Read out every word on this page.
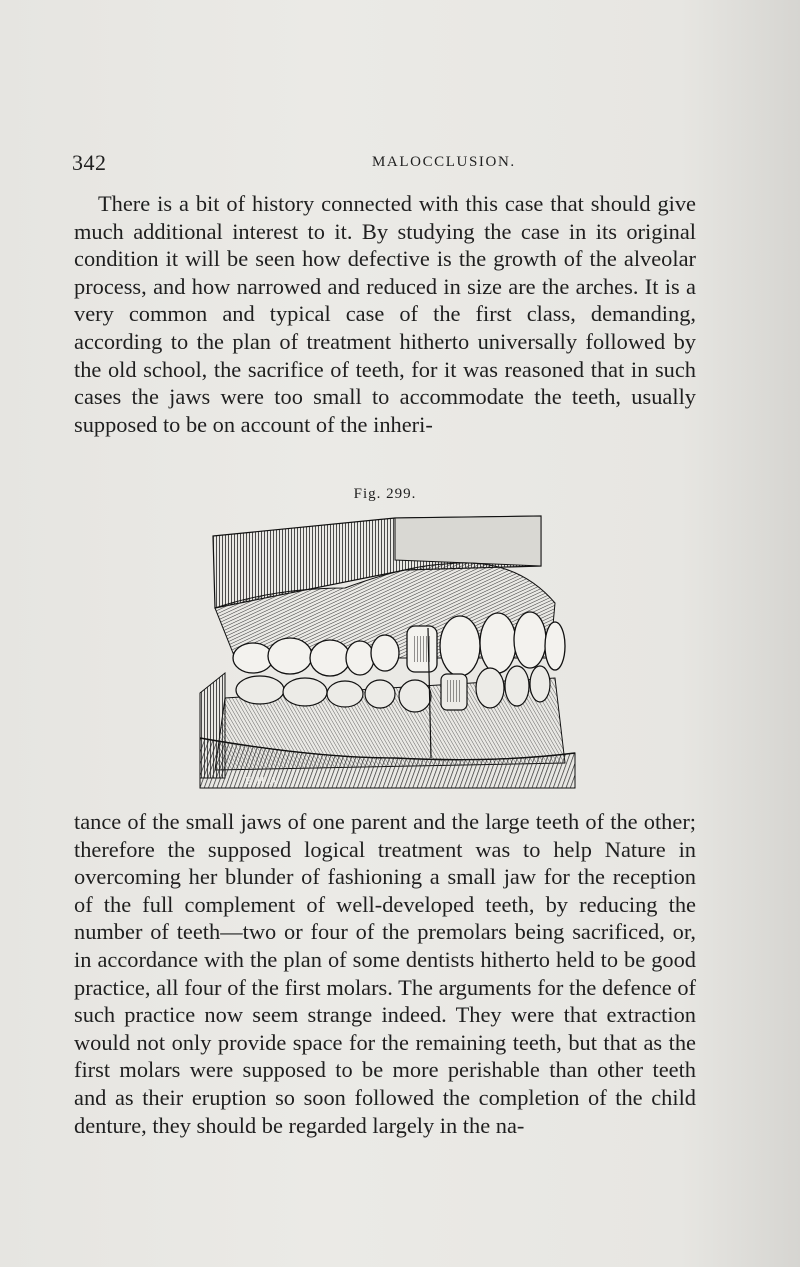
342	MALOCCLUSION.

There is a bit of history connected with this case that should give much additional interest to it. By studying the case in its original condition it will be seen how defective is the growth of the alveolar process, and how narrowed and reduced in size are the arches. It is a very common and typical case of the first class, demanding, according to the plan of treatment hitherto universally followed by the old school, the sacrifice of teeth, for it was reasoned that in such cases the jaws were too small to accommodate the teeth, usually supposed to be on account of the inheri-

Fig. 299.
E.H.A.

tance of the small jaws of one parent and the large teeth of the other; therefore the supposed logical treatment was to help Nature in overcoming her blunder of fashioning a small jaw for the reception of the full complement of well-developed teeth, by reducing the number of teeth—two or four of the premolars being sacrificed, or, in accordance with the plan of some dentists hitherto held to be good practice, all four of the first molars. The arguments for the defence of such practice now seem strange indeed. They were that extraction would not only provide space for the remaining teeth, but that as the first molars were supposed to be more perishable than other teeth and as their eruption so soon followed the completion of the child denture, they should be regarded largely in the na-
